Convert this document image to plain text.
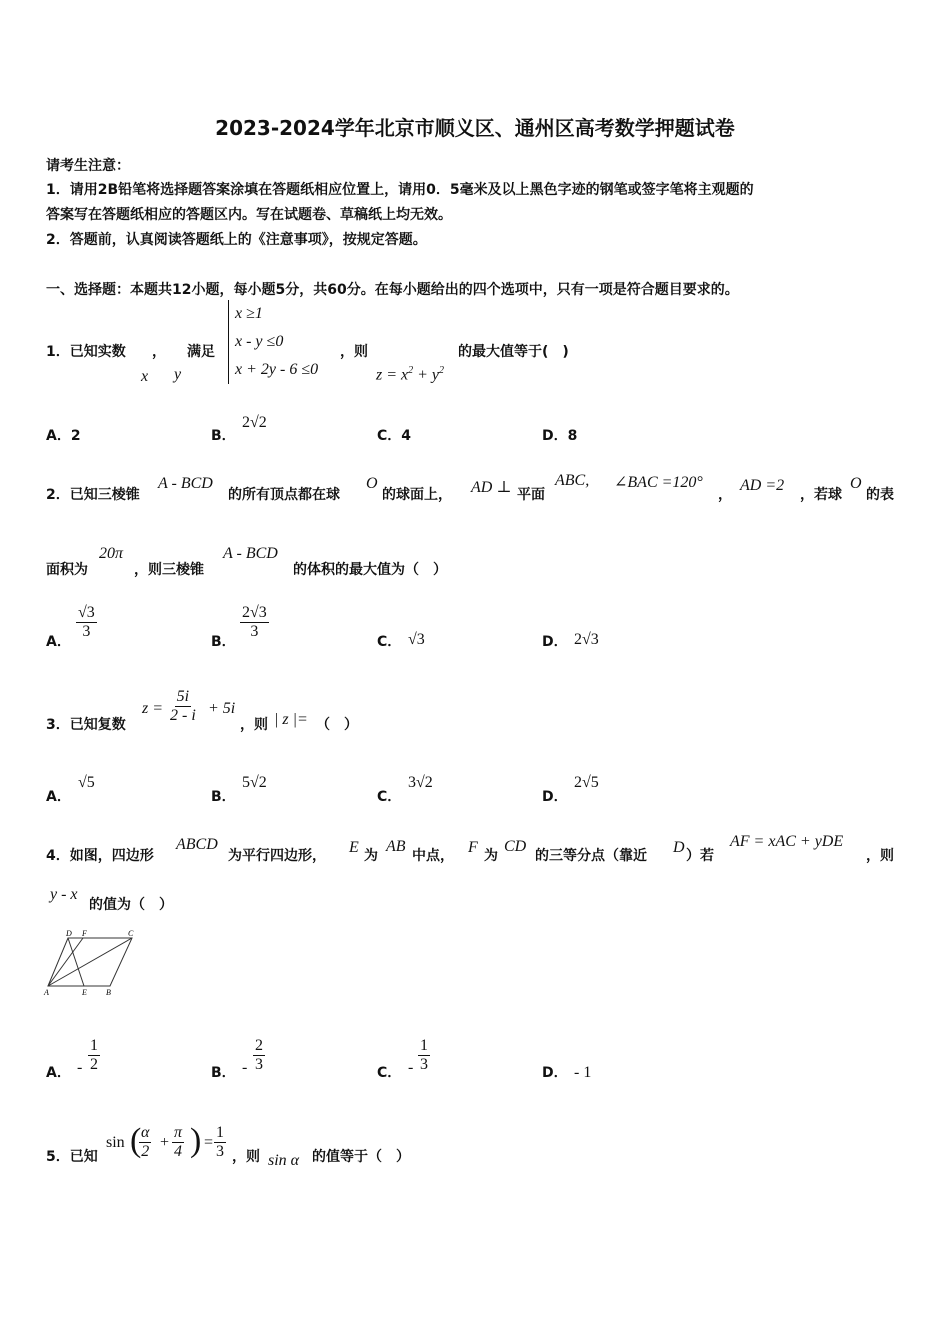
2023-2024学年北京市顺义区、通州区高考数学押题试卷
请考生注意：
1．请用2B铅笔将选择题答案涂填在答题纸相应位置上，请用0．5毫米及以上黑色字迹的钢笔或签字笔将主观题的
答案写在答题纸相应的答题区内。写在试题卷、草稿纸上均无效。
2．答题前，认真阅读答题纸上的《注意事项》，按规定答题。
一、选择题：本题共12小题，每小题5分，共60分。在每小题给出的四个选项中，只有一项是符合题目要求的。
1．已知实数 ， 满足
x y
x ≥1
x - y ≤0
x + 2y - 6 ≤0
，则
$z = x^2 + y^2$
的最大值等于(　)
A．2	B．
2√2
C．4	D．8
2．已知三棱锥
A - BCD
的所有顶点都在球
O
的球面上， AD ⊥ 平面
ABC, ∠BAC =120°
，
AD =2
，若球
O
的表
面积为
20π
，则三棱锥
A - BCD
的体积的最大值为（　）
A．
$\frac{√3}{3}$
B．
$\frac{2√3}{3}$
C． √3	D． 2√3
3．已知复数
$z = \frac{5i}{2 - i} + 5i$
，则 | z |= （　）
A．
√5
B．
5√2
C．
3√2
D．
2√5
4．如图，四边形
ABCD
为平行四边形， E 为
AB
中点， F 为
CD
的三等分点（靠近 D ）若
AF = xAC + yDE
，则
y - x
的值为（　）
D F	C
A	E B
A． - $\frac{1}{2}$	B． - $\frac{2}{3}$	C． - $\frac{1}{3}$	D． - 1
5．已知
sin (
$\frac{\alpha}{2} + \frac{\pi}{4}$ ) = $\frac{1}{3}$ ，则 sin α 的值等于（　）
